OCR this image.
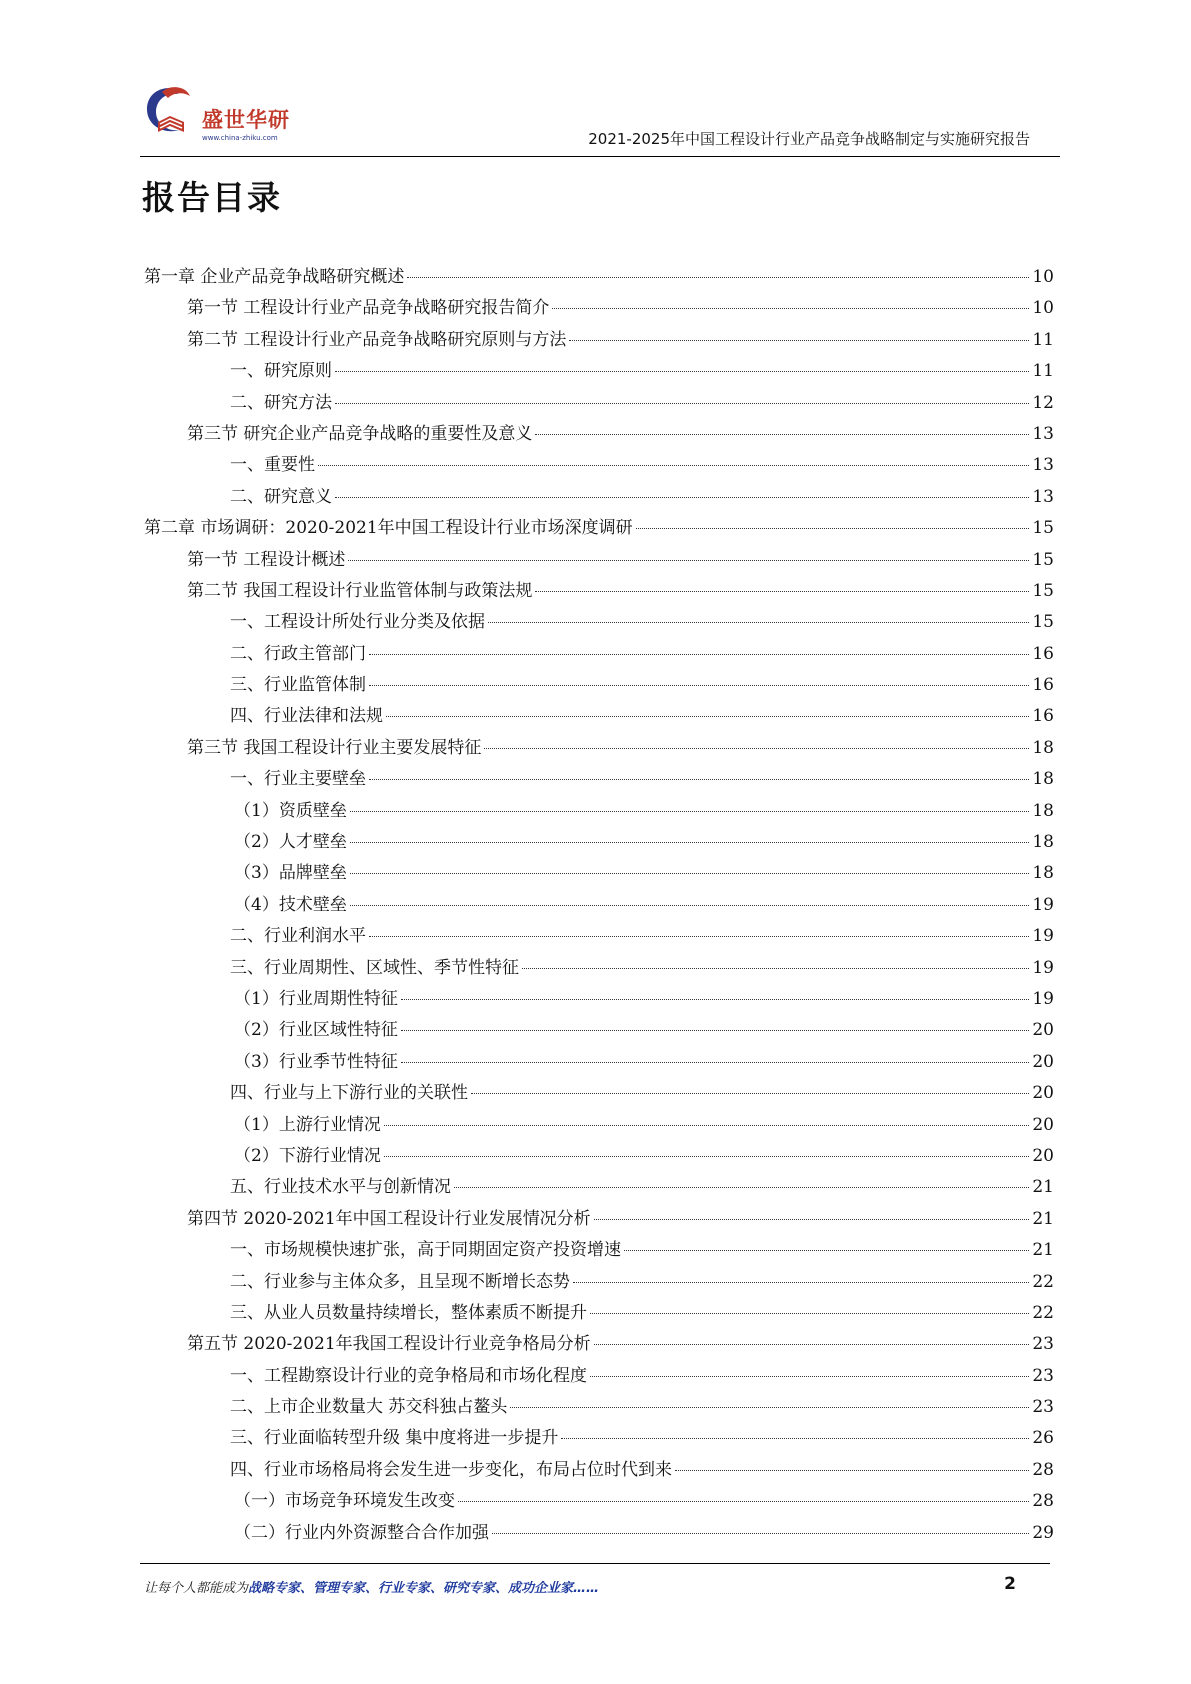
盛世华研
www.china-zhiku.com	2021-2025年中国工程设计行业产品竞争战略制定与实施研究报告
报告目录
第一章 企业产品竞争战略研究概述	10
第一节 工程设计行业产品竞争战略研究报告简介	10
第二节 工程设计行业产品竞争战略研究原则与方法	11
一、研究原则	11
二、研究方法	12
第三节 研究企业产品竞争战略的重要性及意义	13
一、重要性	13
二、研究意义	13
第二章 市场调研：2020-2021年中国工程设计行业市场深度调研	15
第一节 工程设计概述	15
第二节 我国工程设计行业监管体制与政策法规	15
一、工程设计所处行业分类及依据	15
二、行政主管部门	16
三、行业监管体制	16
四、行业法律和法规	16
第三节 我国工程设计行业主要发展特征	18
一、行业主要壁垒	18
（1）资质壁垒	18
（2）人才壁垒	18
（3）品牌壁垒	18
（4）技术壁垒	19
二、行业利润水平	19
三、行业周期性、区域性、季节性特征	19
（1）行业周期性特征	19
（2）行业区域性特征	20
（3）行业季节性特征	20
四、行业与上下游行业的关联性	20
（1）上游行业情况	20
（2）下游行业情况	20
五、行业技术水平与创新情况	21
第四节 2020-2021年中国工程设计行业发展情况分析	21
一、市场规模快速扩张，高于同期固定资产投资增速	21
二、行业参与主体众多，且呈现不断增长态势	22
三、从业人员数量持续增长，整体素质不断提升	22
第五节 2020-2021年我国工程设计行业竞争格局分析	23
一、工程勘察设计行业的竞争格局和市场化程度	23
二、上市企业数量大 苏交科独占鳌头	23
三、行业面临转型升级 集中度将进一步提升	26
四、行业市场格局将会发生进一步变化，布局占位时代到来	28
（一）市场竞争环境发生改变	28
（二）行业内外资源整合合作加强	29
让每个人都能成为战略专家、管理专家、行业专家、研究专家、成功企业家……	2
